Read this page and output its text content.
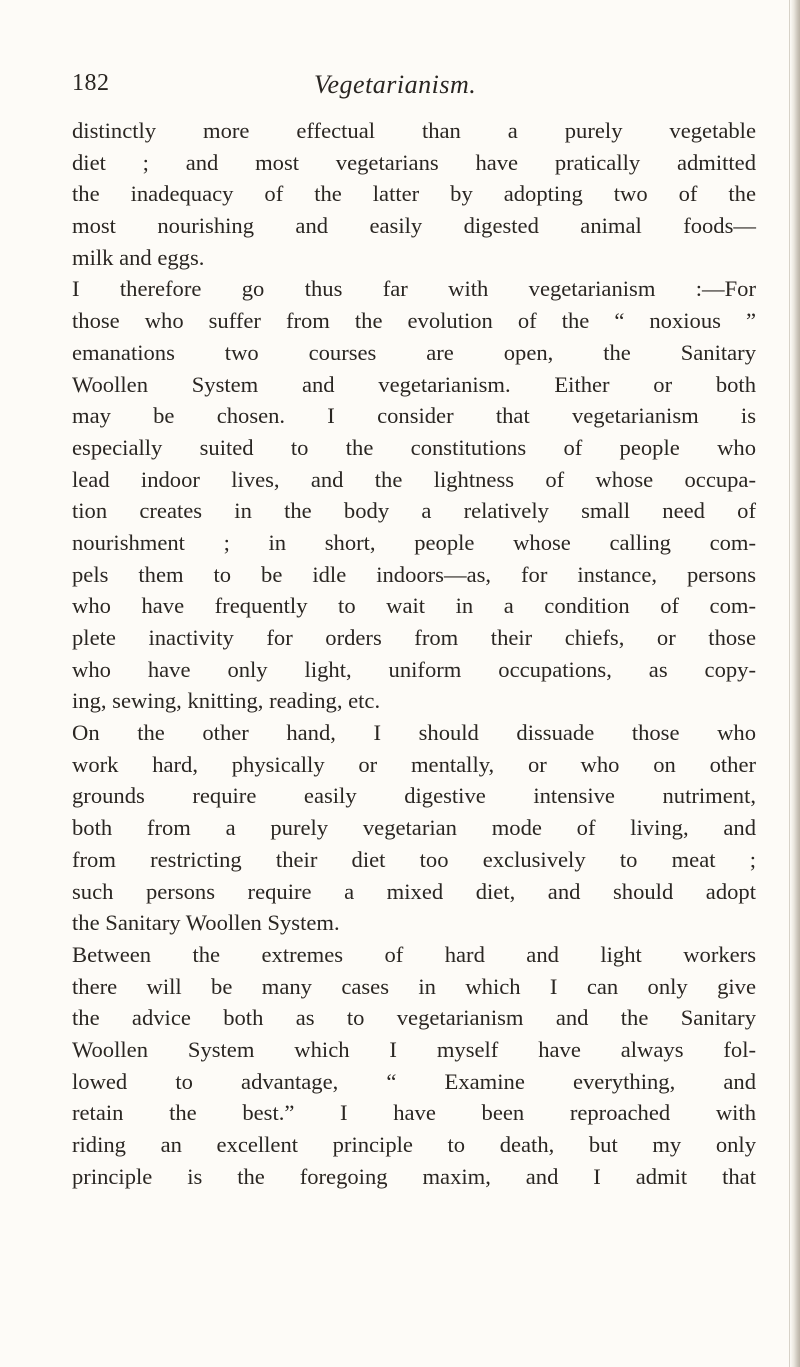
182	Vegetarianism.
distinctly more effectual than a purely vegetable
diet ; and most vegetarians have pratically admitted
the inadequacy of the latter by adopting two of the
most nourishing and easily digested animal foods—
milk and eggs.
I therefore go thus far with vegetarianism :—For
those who suffer from the evolution of the “ noxious ”
emanations two courses are open, the Sanitary
Woollen System and vegetarianism. Either or both
may be chosen. I consider that vegetarianism is
especially suited to the constitutions of people who
lead indoor lives, and the lightness of whose occupa-
tion creates in the body a relatively small need of
nourishment ; in short, people whose calling com-
pels them to be idle indoors—as, for instance, persons
who have frequently to wait in a condition of com-
plete inactivity for orders from their chiefs, or those
who have only light, uniform occupations, as copy-
ing, sewing, knitting, reading, etc.
On the other hand, I should dissuade those who
work hard, physically or mentally, or who on other
grounds require easily digestive intensive nutriment,
both from a purely vegetarian mode of living, and
from restricting their diet too exclusively to meat ;
such persons require a mixed diet, and should adopt
the Sanitary Woollen System.
Between the extremes of hard and light workers
there will be many cases in which I can only give
the advice both as to vegetarianism and the Sanitary
Woollen System which I myself have always fol-
lowed to advantage, “ Examine everything, and
retain the best.” I have been reproached with
riding an excellent principle to death, but my only
principle is the foregoing maxim, and I admit that
